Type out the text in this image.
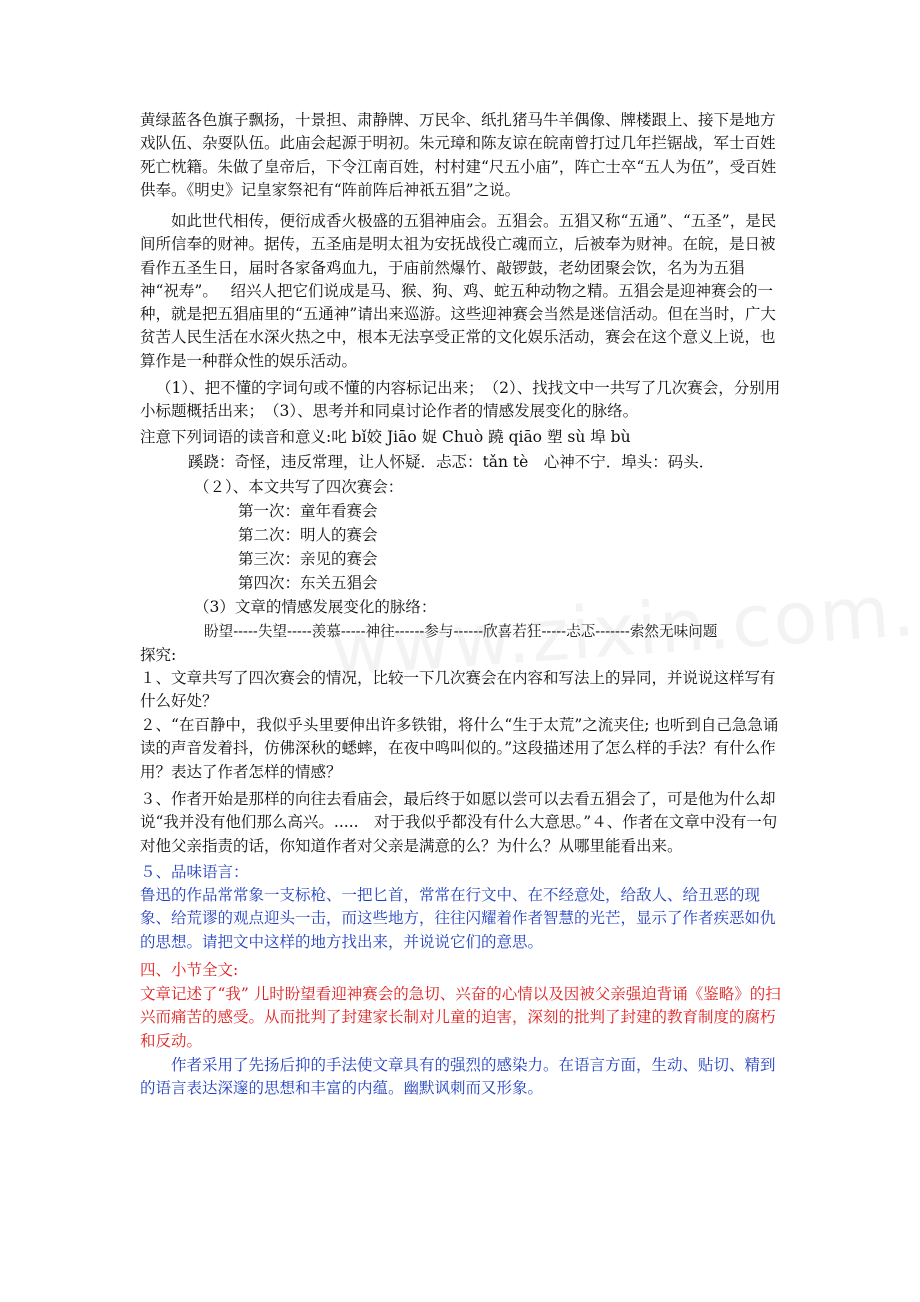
黄绿蓝各色旗子飘扬，十景担、肃静牌、万民伞、纸扎猪马牛羊偶像、牌楼跟上、接下是地方戏队伍、杂耍队伍。此庙会起源于明初。朱元璋和陈友谅在皖南曾打过几年拦锯战，军士百姓死亡枕籍。朱做了皇帝后，下令江南百姓，村村建“尺五小庙”，阵亡士卒“五人为伍”，受百姓供奉。《明史》记皇家祭祀有“阵前阵后神祇五猖”之说。

如此世代相传，便衍成香火极盛的五猖神庙会。五猖会。五猖又称“五通”、“五圣”，是民间所信奉的财神。据传，五圣庙是明太祖为安抚战役亡魂而立，后被奉为财神。在皖，是日被看作五圣生日，届时各家备鸡血九，于庙前然爆竹、敲锣鼓，老幼团聚会饮，名为为五猖神“祝寿”。　 绍兴人把它们说成是马、猴、狗、鸡、蛇五种动物之精。五猖会是迎神赛会的一种，就是把五猖庙里的“五通神”请出来巡游。这些迎神赛会当然是迷信活动。但在当时，广大贫苦人民生活在水深火热之中，根本无法享受正常的文化娱乐活动，赛会在这个意义上说，也算作是一种群众性的娱乐活动。

（1）、把不懂的字词句或不懂的内容标记出来；　（2）、找找文中一共写了几次赛会，分别用小标题概括出来；　（3）、思考并和同桌讨论作者的情感发展变化的脉络。

注意下列词语的读音和意义:叱 bǐ姣 Jiāo 娖 Chuò 蹺 qiāo 塑 sù 埠 bù

蹊跷：奇怪，违反常理，让人怀疑．忐忑：tǎn tè　心神不宁．埠头：码头．

（２）、本文共写了四次赛会：

第一次：童年看赛会

第二次：明人的赛会

第三次：亲见的赛会

第四次：东关五猖会

（3）文章的情感发展变化的脉络：

盼望-----失望-----羡慕-----神往------参与------欣喜若狂-----忐忑-------索然无味问题

探究:

１、文章共写了四次赛会的情况，比较一下几次赛会在内容和写法上的异同，并说说这样写有什么好处？

２、“在百静中，我似乎头里要伸出许多铁钳，将什么“生于太荒”之流夹住; 也听到自己急急诵读的声音发着抖，仿佛深秋的蟋蟀，在夜中鸣叫似的。”这段描述用了怎么样的手法？有什么作用？表达了作者怎样的情感？

３、作者开始是那样的向往去看庙会，最后终于如愿以尝可以去看五猖会了，可是他为什么却说“我并没有他们那么高兴。.....　对于我似乎都没有什么大意思。”４、作者在文章中没有一句对他父亲指责的话，你知道作者对父亲是满意的么？为什么？从哪里能看出来。

５、品味语言：

鲁迅的作品常常象一支标枪、一把匕首，常常在行文中、在不经意处，给敌人、给丑恶的现象、给荒谬的观点迎头一击，而这些地方，往往闪耀着作者智慧的光芒，显示了作者疾恶如仇的思想。请把文中这样的地方找出来，并说说它们的意思。

四、小节全文:

文章记述了“我” 儿时盼望看迎神赛会的急切、兴奋的心情以及因被父亲强迫背诵《鉴略》的扫兴而痛苦的感受。从而批判了封建家长制对儿童的迫害，深刻的批判了封建的教育制度的腐朽和反动。

作者采用了先扬后抑的手法使文章具有的强烈的感染力。在语言方面，生动、贴切、精到的语言表达深邃的思想和丰富的内蕴。幽默讽刺而又形象。
